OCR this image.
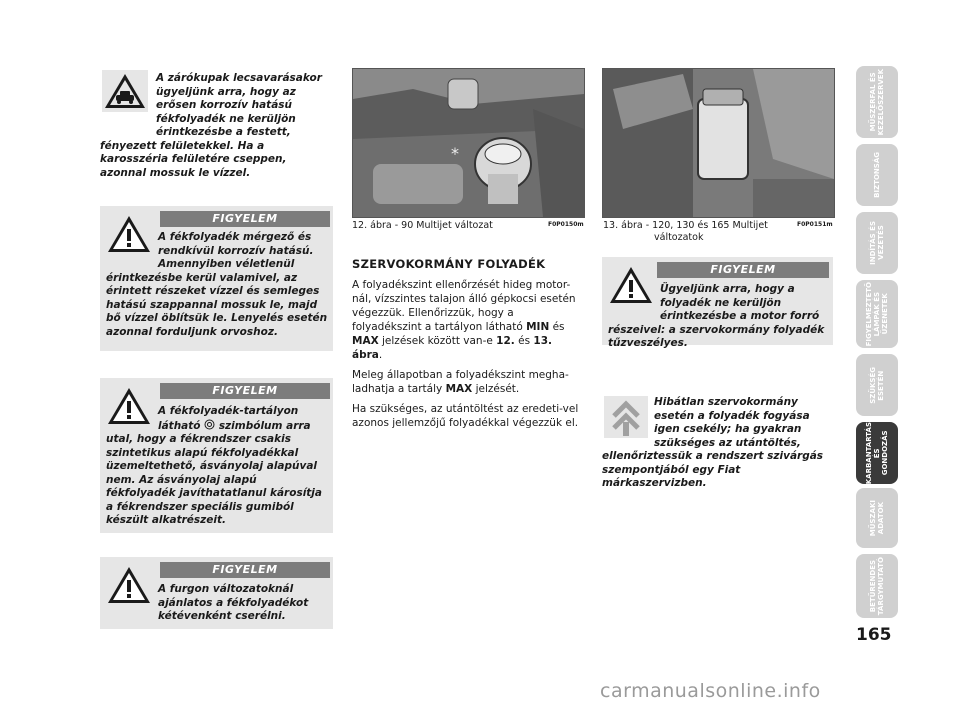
A zárókupak lecsavarásakor ügyeljünk arra, hogy az erősen korrozív hatású fékfolyadék ne kerüljön érintkezésbe a festett, fényezett felületekkel. Ha a karosszéria felületére cseppen, azonnal mossuk le vízzel.
FIGYELEM
A fékfolyadék mérgező és rendkívül korrozív hatású. Amennyiben véletlenül érintkezésbe kerül valamivel, az érintett részeket vízzel és semleges hatású szappannal mossuk le, majd bő vízzel öblítsük le. Lenyelés esetén azonnal forduljunk orvoshoz.
FIGYELEM
A fékfolyadék-tartályon látható szimbólum arra utal, hogy a fékrendszer csakis szintetikus alapú fékfolyadékkal üzemeltethető, ásványolaj alapúval nem. Az ásványolaj alapú fékfolyadék javíthatatlanul károsítja a fékrendszer speciális gumiból készült alkatrészeit.
FIGYELEM
A furgon változatoknál ajánlatos a fékfolyadékot kétévenként cserélni.
*
12. ábra - 90 Multijet változat	F0P0150m 13. ábra - 120, 130 és 165 Multijet
változatok
F0P0151m
SZERVOKORMÁNY FOLYADÉK

A folyadékszint ellenőrzését hideg motor-nál, vízszintes talajon álló gépkocsi esetén végezzük. Ellenőrizzük, hogy a folyadékszint a tartályon látható MIN és MAX jelzések között van-e 12. és 13. ábra.

Meleg állapotban a folyadékszint megha-ladhatja a tartály MAX jelzését.

Ha szükséges, az utántöltést az eredeti-vel azonos jellemzőjű folyadékkal végezzük el.

FIGYELEM
Ügyeljünk arra, hogy a folyadék ne kerüljön érintkezésbe a motor forró részeivel: a szervokormány folyadék tűzveszélyes.
Hibátlan szervokormány esetén a folyadék fogyása igen csekély; ha gyakran szükséges az utántöltés, ellenőriztessük a rendszert szivárgás szempontjából egy Fiat márkaszervizben.
MŰSZERFAL ÉS
KEZELŐSZERVEK
BIZTONSÁG
INDÍTÁS ÉS
VEZETÉS
FIGYELMEZTETŐ
LÁMPÁK ÉS
ÜZENETEK
SZÜKSÉG
ESETÉN
KARBANTARTÁS ÉS
GONDOZÁS
MŰSZAKI
ADATOK
BETŰRENDES
TÁRGYMUTATÓ
165
carmanualsonline.info
